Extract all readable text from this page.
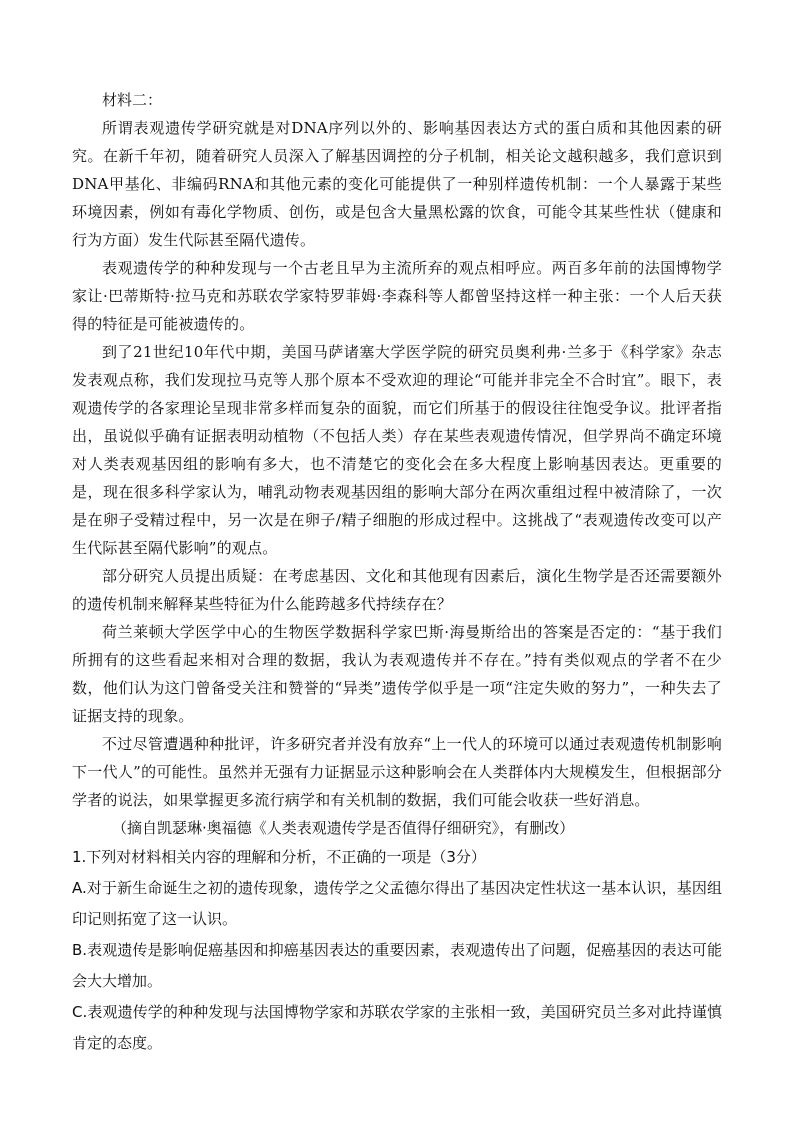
材料二：

所谓表观遗传学研究就是对DNA序列以外的、影响基因表达方式的蛋白质和其他因素的研究。在新千年初，随着研究人员深入了解基因调控的分子机制，相关论文越积越多，我们意识到DNA甲基化、非编码RNA和其他元素的变化可能提供了一种别样遗传机制：一个人暴露于某些环境因素，例如有毒化学物质、创伤，或是包含大量黑松露的饮食，可能令其某些性状（健康和行为方面）发生代际甚至隔代遗传。

表观遗传学的种种发现与一个古老且早为主流所弃的观点相呼应。两百多年前的法国博物学家让·巴蒂斯特·拉马克和苏联农学家特罗菲姆·李森科等人都曾坚持这样一种主张：一个人后天获得的特征是可能被遗传的。

到了21世纪10年代中期，美国马萨诸塞大学医学院的研究员奥利弗·兰多于《科学家》杂志发表观点称，我们发现拉马克等人那个原本不受欢迎的理论“可能并非完全不合时宜”。眼下，表观遗传学的各家理论呈现非常多样而复杂的面貌，而它们所基于的假设往往饱受争议。批评者指出，虽说似乎确有证据表明动植物（不包括人类）存在某些表观遗传情况，但学界尚不确定环境对人类表观基因组的影响有多大，也不清楚它的变化会在多大程度上影响基因表达。更重要的是，现在很多科学家认为，哺乳动物表观基因组的影响大部分在两次重组过程中被清除了，一次是在卵子受精过程中，另一次是在卵子/精子细胞的形成过程中。这挑战了“表观遗传改变可以产生代际甚至隔代影响”的观点。

部分研究人员提出质疑：在考虑基因、文化和其他现有因素后，演化生物学是否还需要额外的遗传机制来解释某些特征为什么能跨越多代持续存在？

荷兰莱顿大学医学中心的生物医学数据科学家巴斯·海曼斯给出的答案是否定的：“基于我们所拥有的这些看起来相对合理的数据，我认为表观遗传并不存在。”持有类似观点的学者不在少数，他们认为这门曾备受关注和赞誉的“异类”遗传学似乎是一项“注定失败的努力”，一种失去了证据支持的现象。

不过尽管遭遇种种批评，许多研究者并没有放弃“上一代人的环境可以通过表观遗传机制影响下一代人”的可能性。虽然并无强有力证据显示这种影响会在人类群体内大规模发生，但根据部分学者的说法，如果掌握更多流行病学和有关机制的数据，我们可能会收获一些好消息。

（摘自凯瑟琳·奥福德《人类表观遗传学是否值得仔细研究》，有删改）

1.下列对材料相关内容的理解和分析，不正确的一项是（3分）

A.对于新生命诞生之初的遗传现象，遗传学之父孟德尔得出了基因决定性状这一基本认识，基因组印记则拓宽了这一认识。

B.表观遗传是影响促癌基因和抑癌基因表达的重要因素，表观遗传出了问题，促癌基因的表达可能会大大增加。

C.表观遗传学的种种发现与法国博物学家和苏联农学家的主张相一致，美国研究员兰多对此持谨慎肯定的态度。
